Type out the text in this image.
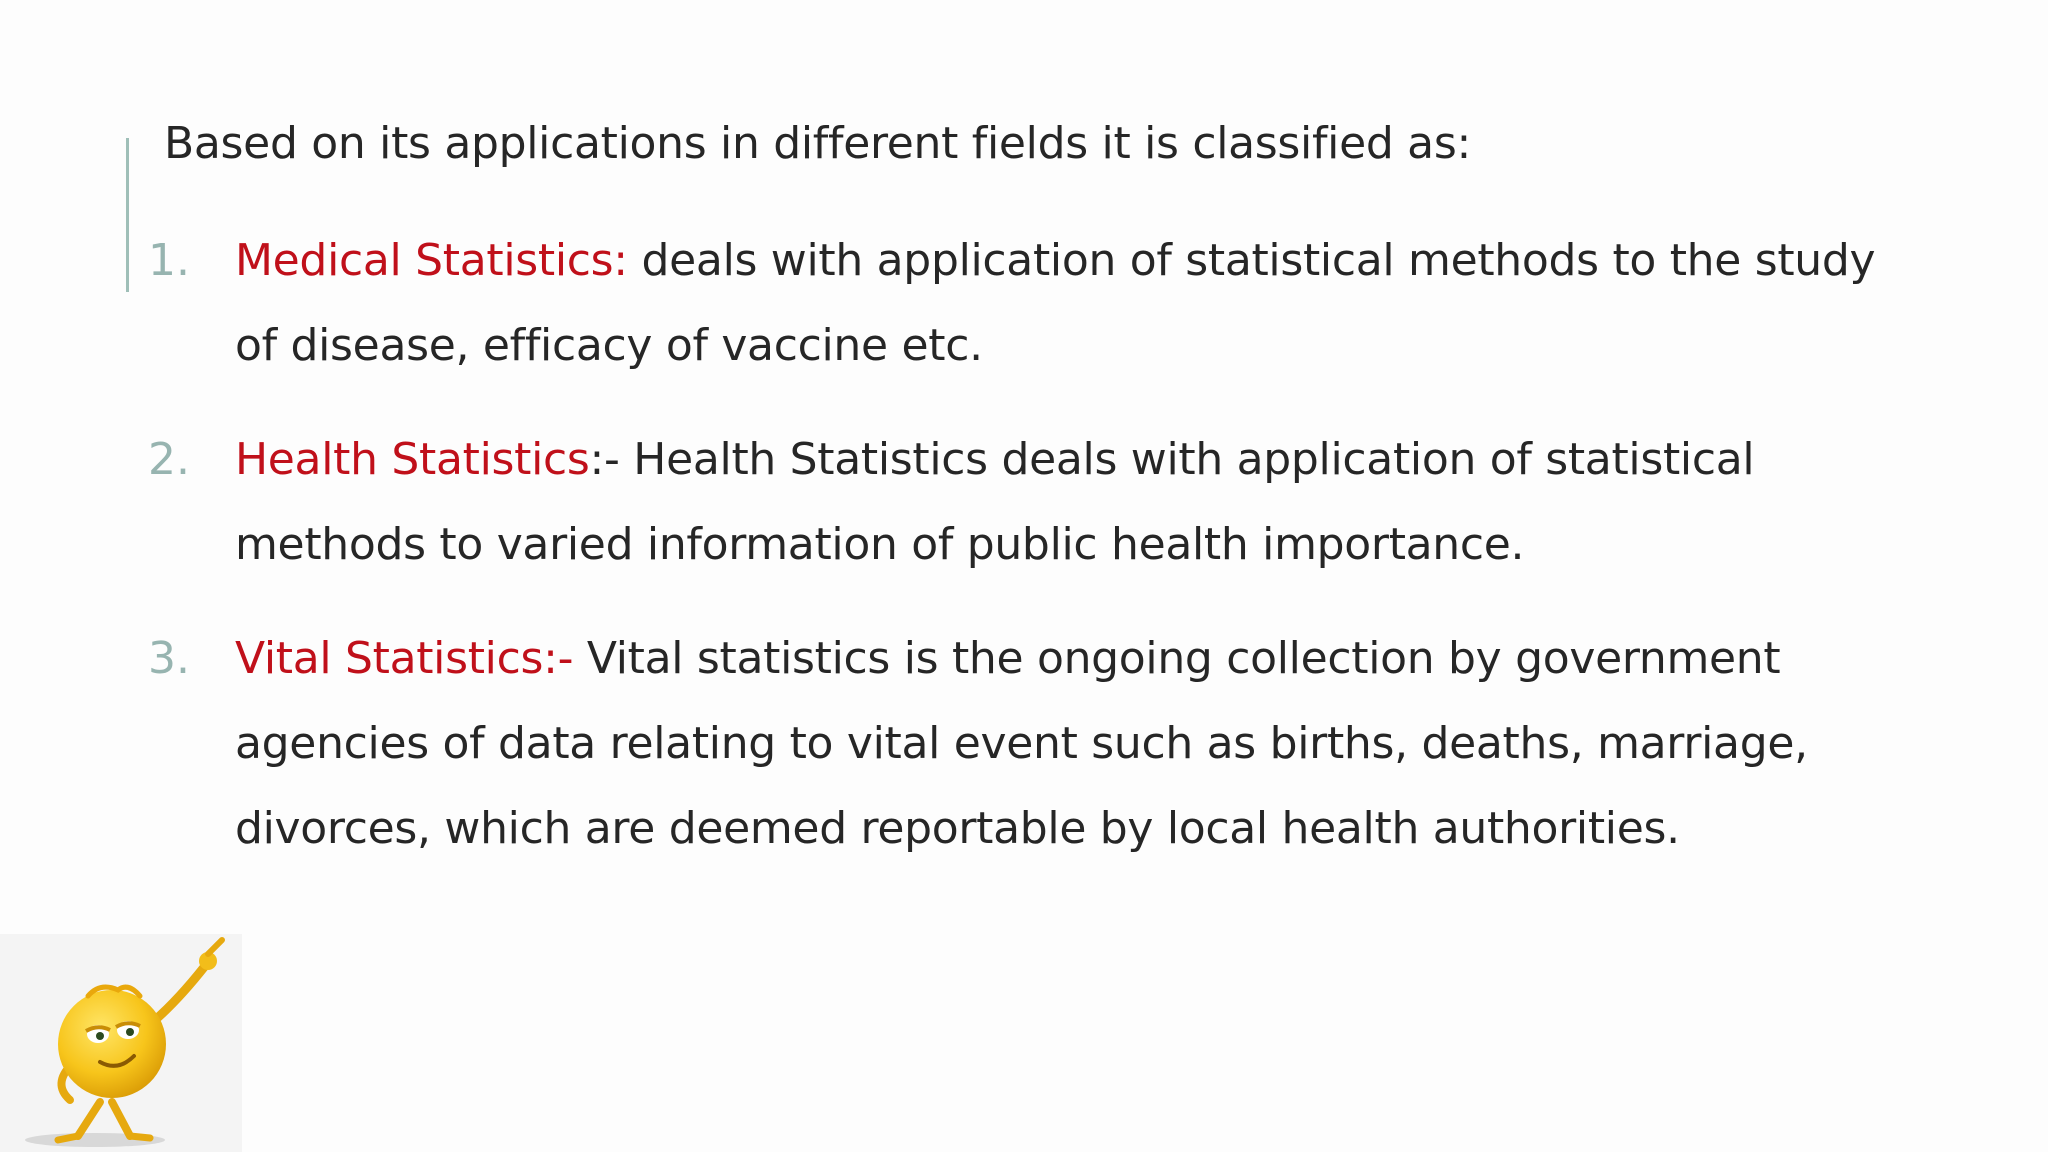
Based on its applications in different fields it is classified as:
1. Medical Statistics: deals with application of statistical methods to the study of disease, efficacy of vaccine etc.
2. Health Statistics:- Health Statistics deals with application of statistical methods to varied information of public health importance.
3. Vital Statistics:- Vital statistics is the ongoing collection by government agencies of data relating to vital event such as births, deaths, marriage, divorces, which are deemed reportable by local health authorities.
